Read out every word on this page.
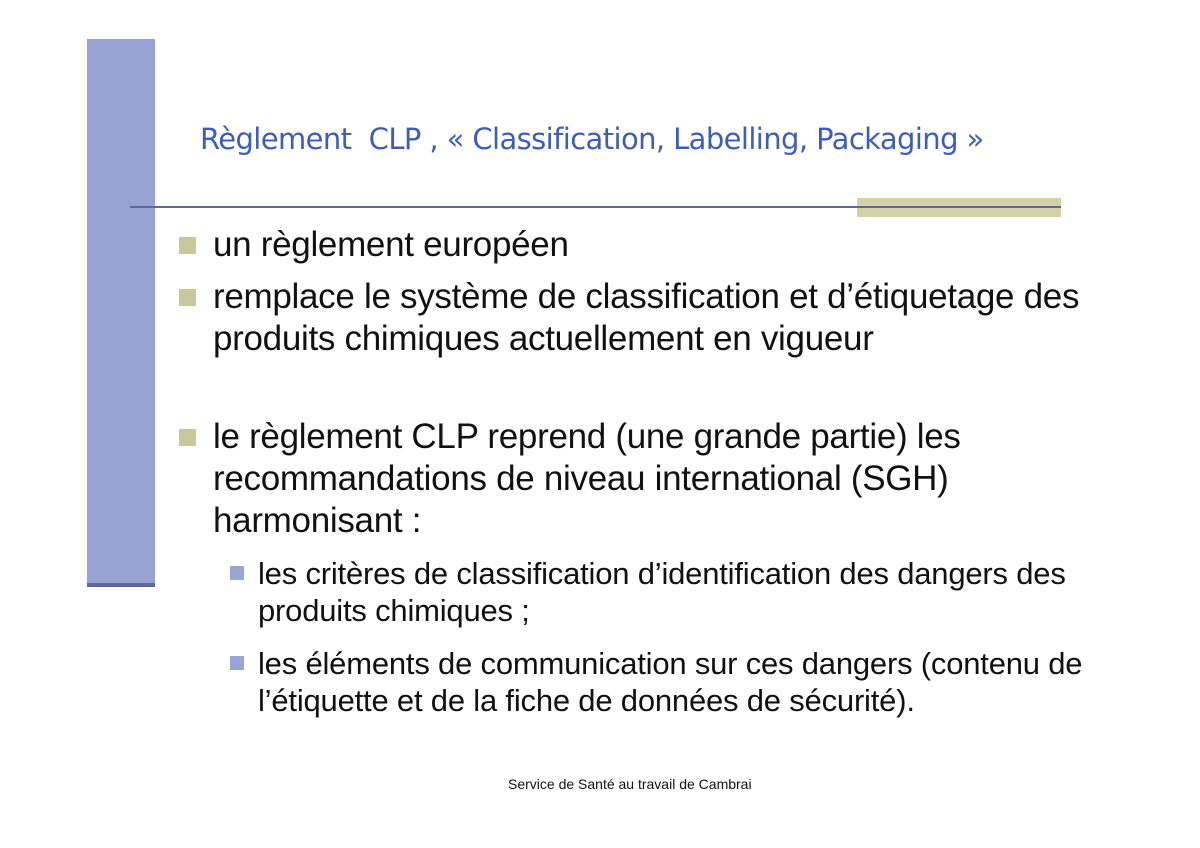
Règlement  CLP , « Classification, Labelling, Packaging »
un règlement européen
remplace le système de classification et d’étiquetage des produits chimiques actuellement en vigueur
le règlement CLP reprend (une grande partie) les recommandations de niveau international (SGH) harmonisant :
les critères de classification d’identification des dangers des produits chimiques ;
les éléments de communication sur ces dangers (contenu de l’étiquette et de la fiche de données de sécurité).
Service de Santé au travail de Cambrai
